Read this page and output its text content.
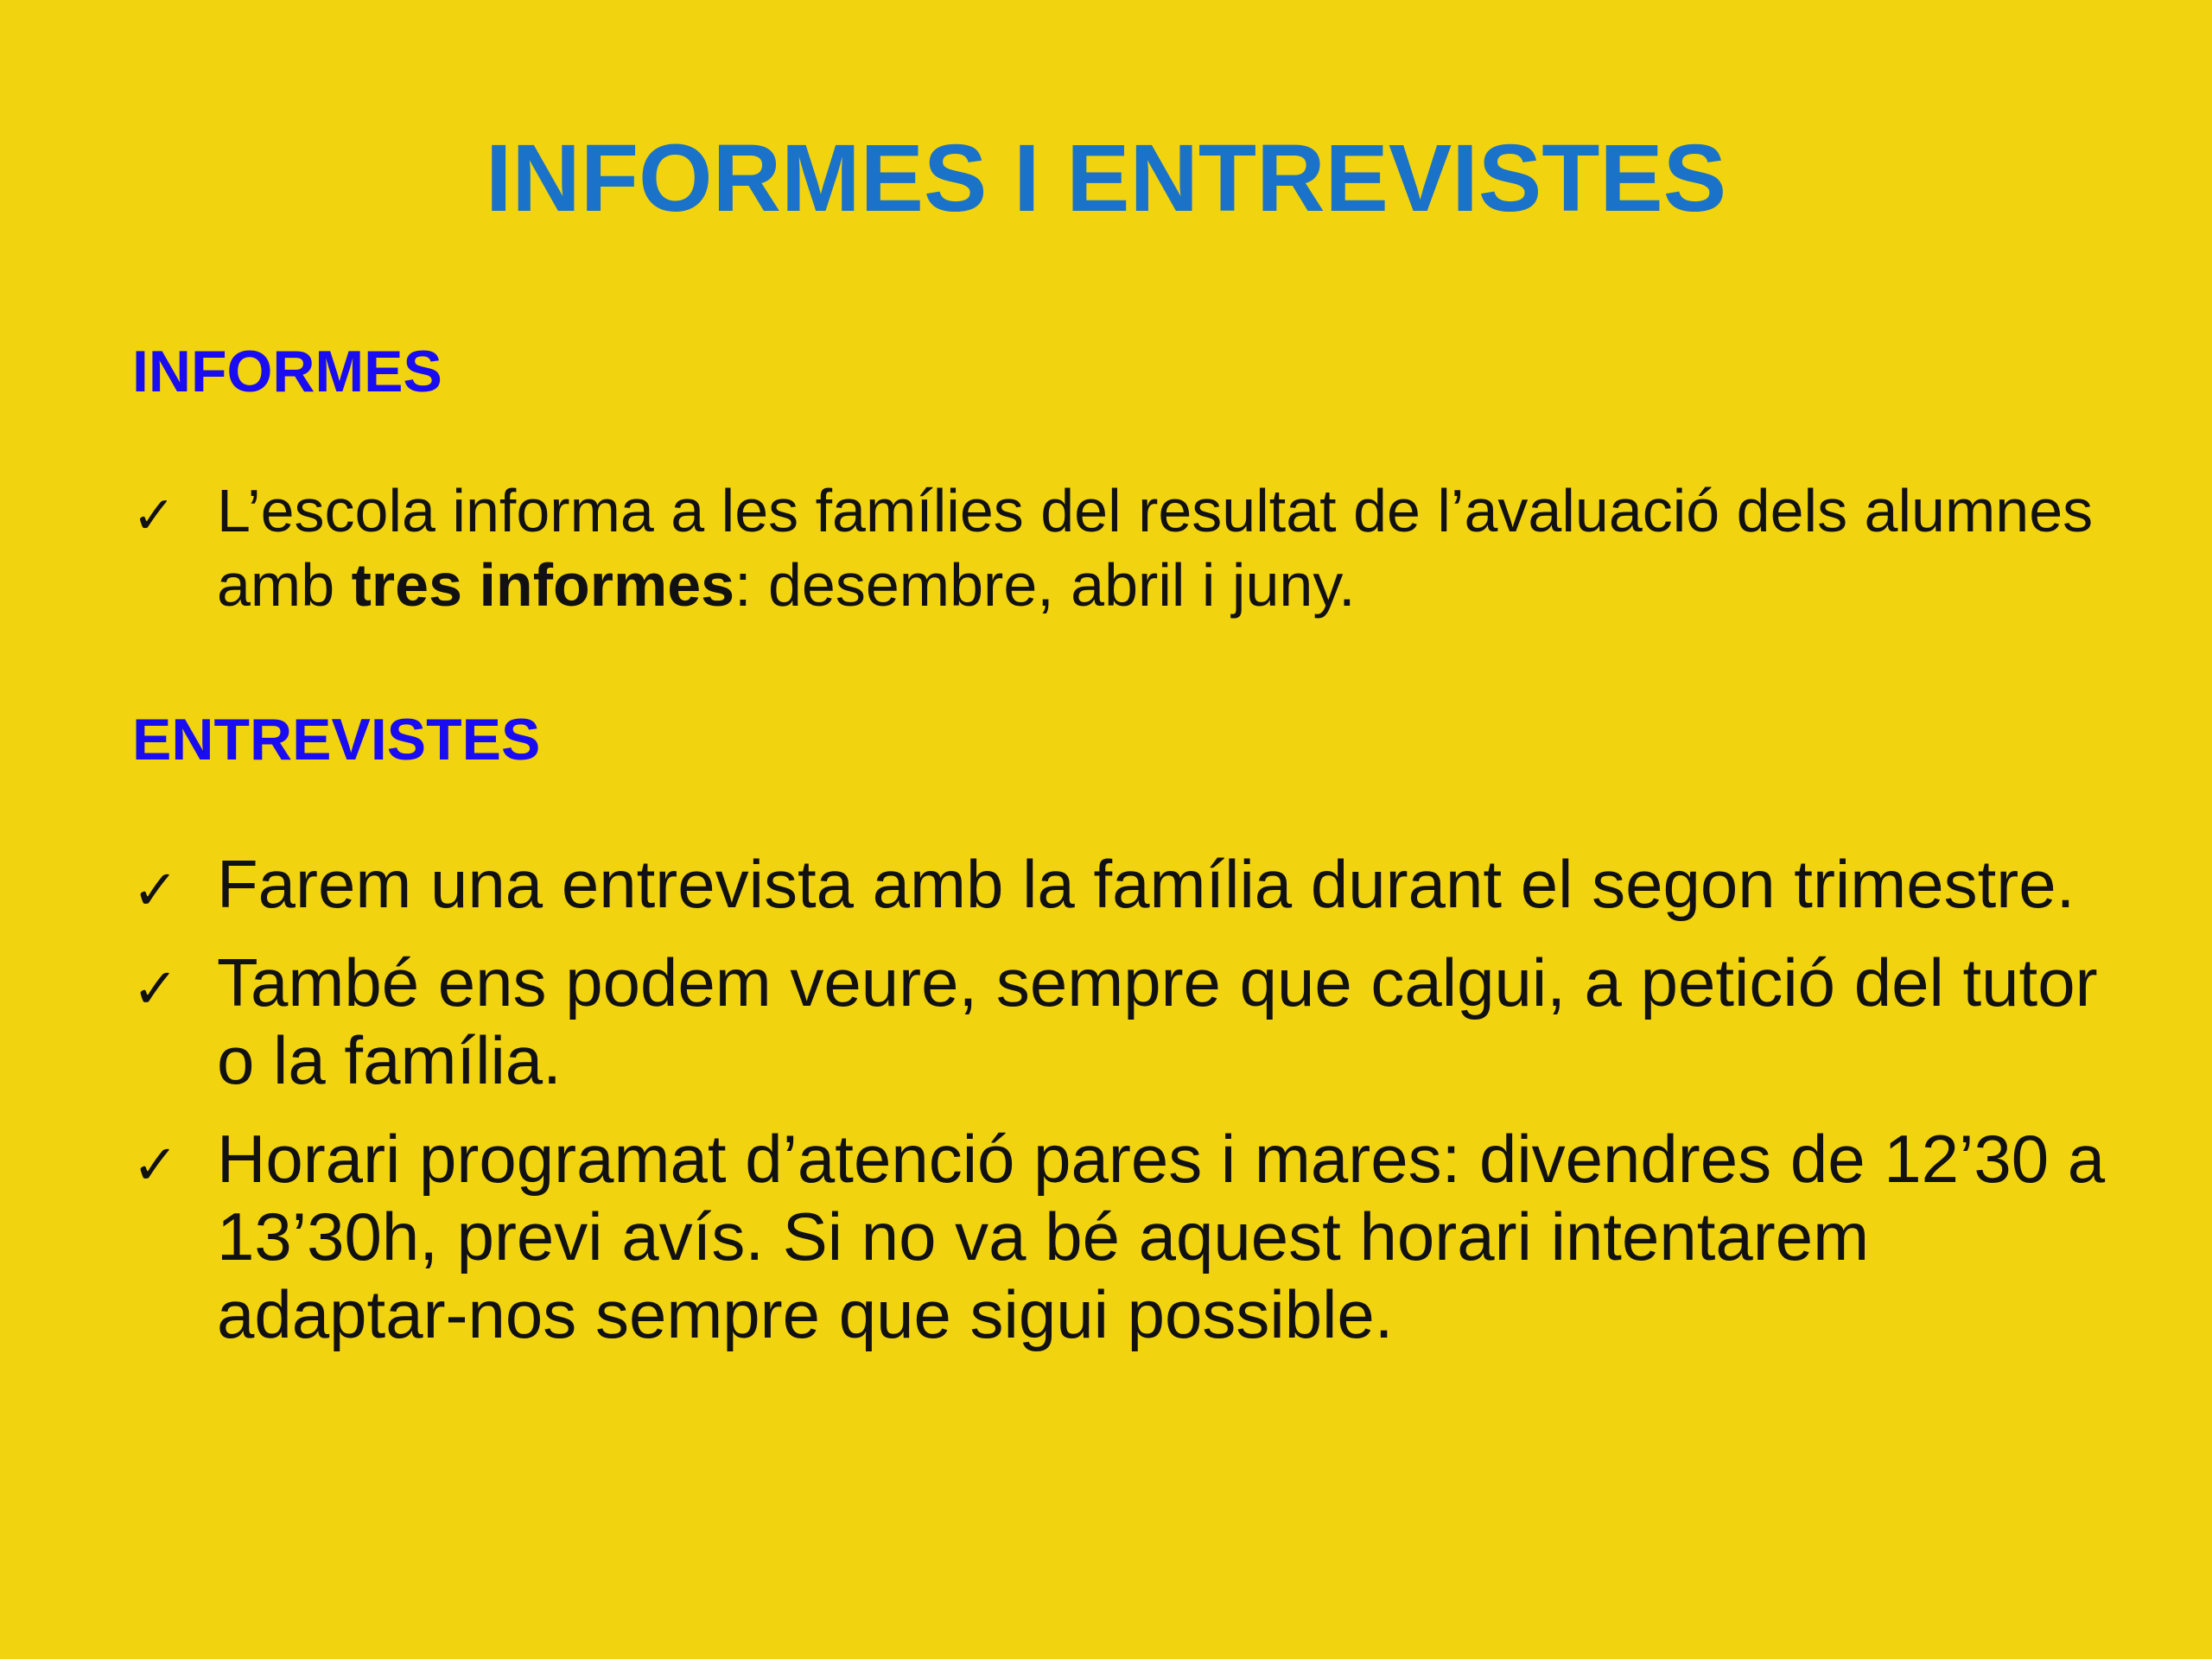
INFORMES I ENTREVISTES
INFORMES
✓ L’escola informa a les famílies del resultat de l’avaluació dels alumnes amb tres informes: desembre, abril i juny.
ENTREVISTES
✓ Farem una entrevista amb la família durant el segon trimestre.
✓ També ens podem veure, sempre que calgui, a petició del tutor o la família.
✓ Horari programat d’atenció pares i mares: divendres de 12’30 a 13’30h, previ avís. Si no va bé aquest horari intentarem adaptar-nos sempre que sigui possible.
